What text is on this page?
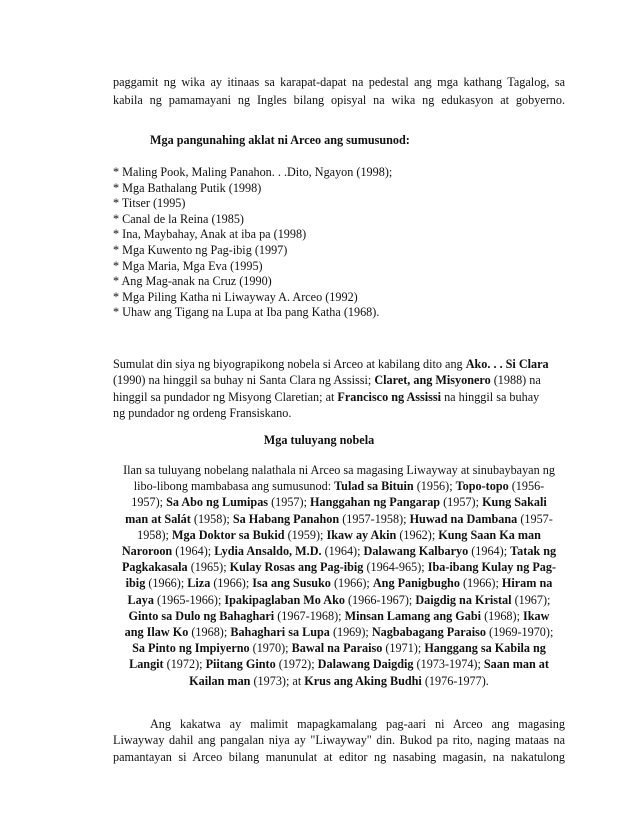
paggamit ng wika ay itinaas sa karapat-dapat na pedestal ang mga kathang Tagalog, sa
kabila ng pamamayani ng Ingles bilang opisyal na wika ng edukasyon at gobyerno.
Mga pangunahing aklat ni Arceo ang sumusunod:
* Maling Pook, Maling Panahon. . .Dito, Ngayon (1998);
* Mga Bathalang Putik (1998)
* Titser (1995)
* Canal de la Reina (1985)
* Ina, Maybahay, Anak at iba pa (1998)
* Mga Kuwento ng Pag-ibig (1997)
* Mga Maria, Mga Eva (1995)
* Ang Mag-anak na Cruz (1990)
* Mga Piling Katha ni Liwayway A. Arceo (1992)
* Uhaw ang Tigang na Lupa at Iba pang Katha (1968).
Sumulat din siya ng biyograpikong nobela si Arceo at kabilang dito ang Ako. . . Si Clara
(1990) na hinggil sa buhay ni Santa Clara ng Assissi; Claret, ang Misyonero (1988) na
hinggil sa pundador ng Misyong Claretian; at Francisco ng Assissi na hinggil sa buhay
ng pundador ng ordeng Fransiskano.
Mga tuluyang nobela
Ilan sa tuluyang nobelang nalathala ni Arceo sa magasing Liwayway at sinubaybayan ng
libo-libong mambabasa ang sumusunod: Tulad sa Bituin (1956); Topo-topo (1956-
1957); Sa Abo ng Lumipas (1957); Hanggahan ng Pangarap (1957); Kung Sakali
man at Salát (1958); Sa Habang Panahon (1957-1958); Huwad na Dambana (1957-
1958); Mga Doktor sa Bukid (1959); Ikaw ay Akin (1962); Kung Saan Ka man
Naroroon (1964); Lydia Ansaldo, M.D. (1964); Dalawang Kalbaryo (1964); Tatak ng
Pagkakasala (1965); Kulay Rosas ang Pag-ibig (1964-965); Iba-ibang Kulay ng Pag-
ibig (1966); Liza (1966); Isa ang Susuko (1966); Ang Panigbugho (1966); Hiram na
Laya (1965-1966); Ipakipaglaban Mo Ako (1966-1967); Daigdig na Kristal (1967);
Ginto sa Dulo ng Bahaghari (1967-1968); Minsan Lamang ang Gabi (1968); Ikaw
ang Ilaw Ko (1968); Bahaghari sa Lupa (1969); Nagbabagang Paraiso (1969-1970);
Sa Pinto ng Impiyerno (1970); Bawal na Paraiso (1971); Hanggang sa Kabila ng
Langit (1972); Piitang Ginto (1972); Dalawang Daigdig (1973-1974); Saan man at
Kailan man (1973); at Krus ang Aking Budhi (1976-1977).
Ang kakatwa ay malimit mapagkamalang pag-aari ni Arceo ang magasing
Liwayway dahil ang pangalan niya ay "Liwayway" din. Bukod pa rito, naging mataas na
pamantayan si Arceo bilang manunulat at editor ng nasabing magasin, na nakatulong
